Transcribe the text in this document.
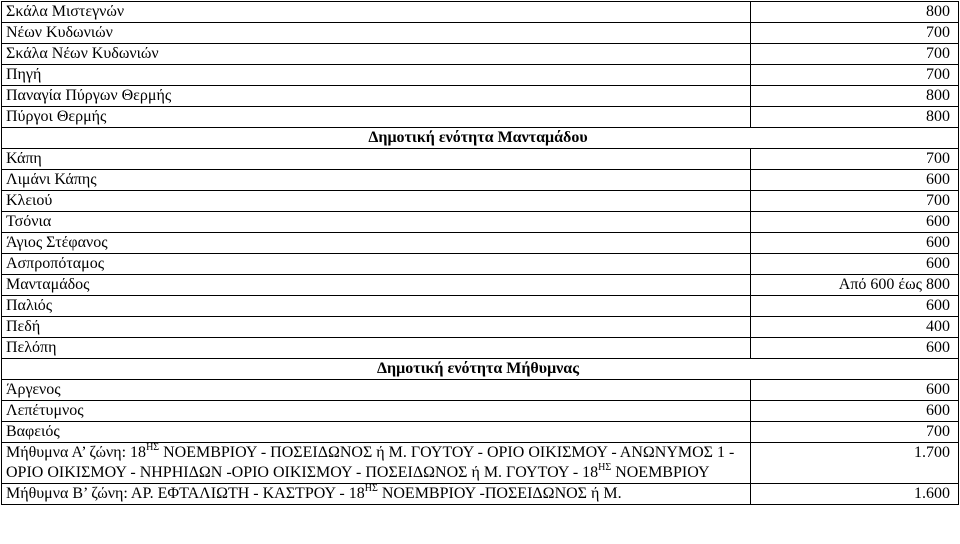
Σκάλα Μιστεγνών	800
Νέων Κυδωνιών	700
Σκάλα Νέων Κυδωνιών	700
Πηγή	700
Παναγία Πύργων Θερμής	800
Πύργοι Θερμής	800
Δημοτική ενότητα Μανταμάδου	
Κάπη	700
Λιμάνι Κάπης	600
Κλειού	700
Τσόνια	600
Άγιος Στέφανος	600
Ασπροπόταμος	600
Μανταμάδος	Από 600 έως 800
Παλιός	600
Πεδή	400
Πελόπη	600
Δημοτική ενότητα Μήθυμνας	
Άργενος	600
Λεπέτυμνος	600
Βαφειός	700
Μήθυμνα Α’ ζώνη: $18^{H\Sigma}$ ΝΟΕΜΒΡΙΟΥ - ΠΟΣΕΙΔΩΝΟΣ ή Μ. ΓΟΥΤΟΥ - ΟΡΙΟ ΟΙΚΙΣΜΟΥ - ΑΝΩΝΥΜΟΣ 1 - ΟΡΙΟ ΟΙΚΙΣΜΟΥ - ΝΗΡΗΙΔΩΝ -ΟΡΙΟ ΟΙΚΙΣΜΟΥ - ΠΟΣΕΙΔΩΝΟΣ ή Μ. ΓΟΥΤΟΥ - $18^{H\Sigma}$ ΝΟΕΜΒΡΙΟΥ	1.700
Μήθυμνα Β’ ζώνη: ΑΡ. ΕΦΤΑΛΙΩΤΗ - ΚΑΣΤΡΟΥ - $18^{H\Sigma}$ ΝΟΕΜΒΡΙΟΥ -ΠΟΣΕΙΔΩΝΟΣ ή Μ.	1.600
